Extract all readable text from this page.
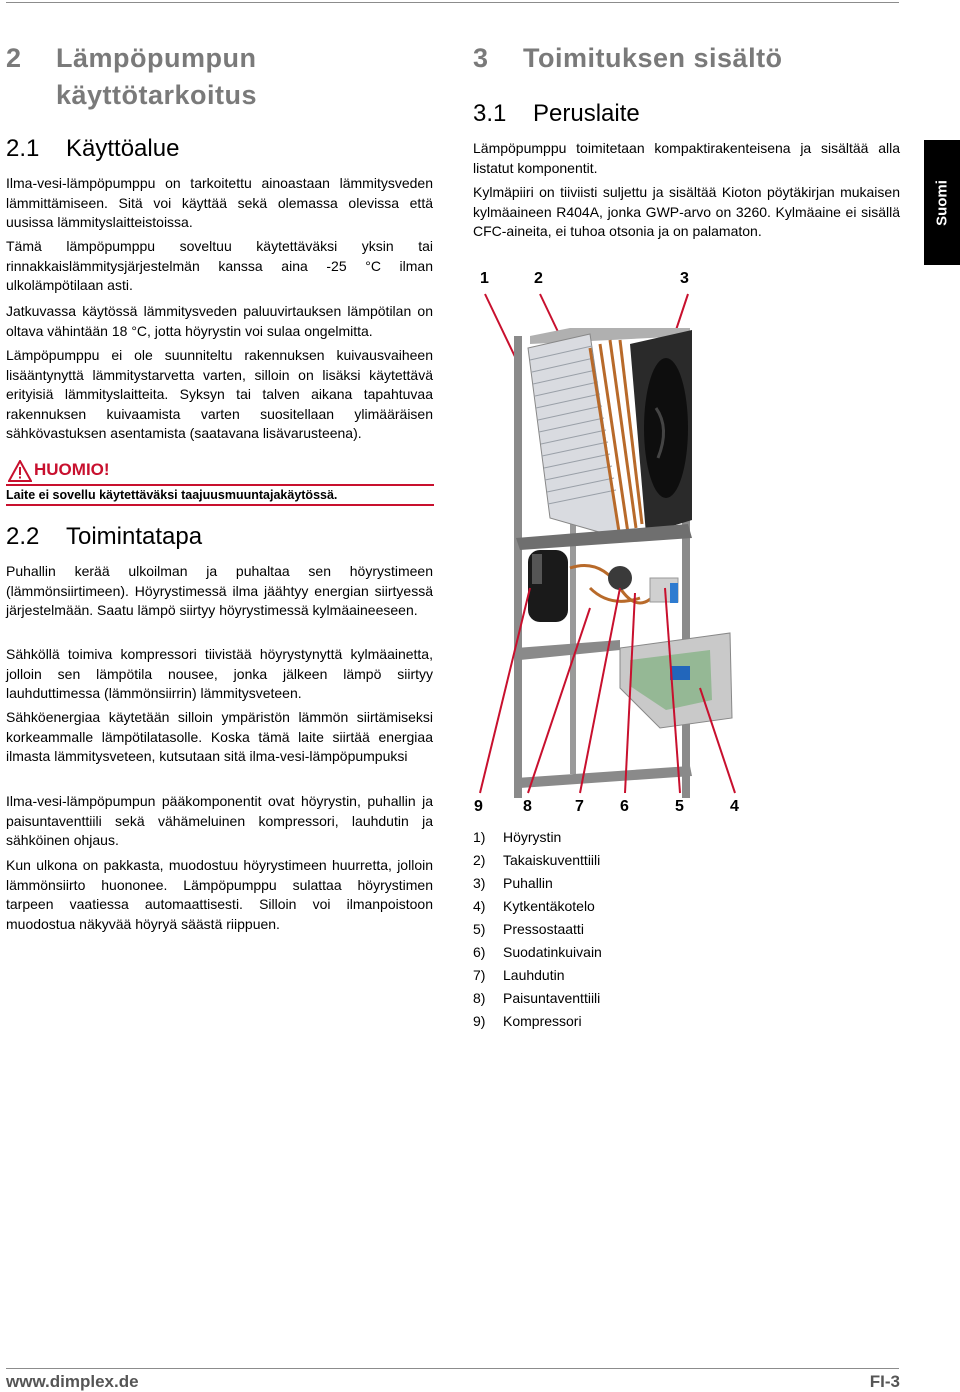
2 Lämpöpumpun
käyttötarkoitus
2.1 Käyttöalue

Ilma-vesi-lämpöpumppu on tarkoitettu ainoastaan lämmitysveden lämmittämiseen. Sitä voi käyttää sekä olemassa olevissa että uusissa lämmityslaitteistoissa.

Tämä lämpöpumppu soveltuu käytettäväksi yksin tai rinnakkaislämmitysjärjestelmän kanssa aina -25 °C ilman ulkolämpötilaan asti.

Jatkuvassa käytössä lämmitysveden paluuvirtauksen lämpötilan on oltava vähintään 18 °C, jotta höyrystin voi sulaa ongelmitta.

Lämpöpumppu ei ole suunniteltu rakennuksen kuivausvaiheen lisääntynyttä lämmitystarvetta varten, silloin on lisäksi käytettävä erityisiä lämmityslaitteita. Syksyn tai talven aikana tapahtuvaa rakennuksen kuivaamista varten suositellaan ylimääräisen sähkövastuksen asentamista (saatavana lisävarusteena).

HUOMIO!
Laite ei sovellu käytettäväksi taajuusmuuntajakäytössä.
2.2 Toimintatapa

Puhallin kerää ulkoilman ja puhaltaa sen höyrystimeen (lämmönsiirtimeen). Höyrystimessä ilma jäähtyy energian siirtyessä järjestelmään. Saatu lämpö siirtyy höyrystimessä kylmäaineeseen.

Sähköllä toimiva kompressori tiivistää höyrystynyttä kylmäainetta, jolloin sen lämpötila nousee, jonka jälkeen lämpö siirtyy lauhduttimessa (lämmönsiirrin) lämmitysveteen.

Sähköenergiaa käytetään silloin ympäristön lämmön siirtämiseksi korkeammalle lämpötilatasolle. Koska tämä laite siirtää energiaa ilmasta lämmitysveteen, kutsutaan sitä ilma-vesi-lämpöpumpuksi

Ilma-vesi-lämpöpumpun pääkomponentit ovat höyrystin, puhallin ja paisuntaventtiili sekä vähämeluinen kompressori, lauhdutin ja sähköinen ohjaus.

Kun ulkona on pakkasta, muodostuu höyrystimeen huurretta, jolloin lämmönsiirto huononee. Lämpöpumppu sulattaa höyrystimen tarpeen vaatiessa automaattisesti. Silloin voi ilmanpoistoon muodostua näkyvää höyryä säästä riippuen.

3 Toimituksen sisältö
3.1 Peruslaite

Lämpöpumppu toimitetaan kompaktirakenteisena ja sisältää alla listatut komponentit.

Kylmäpiiri on tiiviisti suljettu ja sisältää Kioton pöytäkirjan mukaisen kylmäaineen R404A, jonka GWP-arvo on 3260. Kylmäaine ei sisällä CFC-aineita, ei tuhoa otsonia ja on palamaton.

Suomi
1	2	3
9	8	7 6	5	4
1) Höyrystin
2) Takaiskuventtiili
3) Puhallin
4) Kytkentäkotelo
5) Pressostaatti
6) Suodatinkuivain
7) Lauhdutin
8) Paisuntaventtiili
9) Kompressori
www.dimplex.de	FI-3
